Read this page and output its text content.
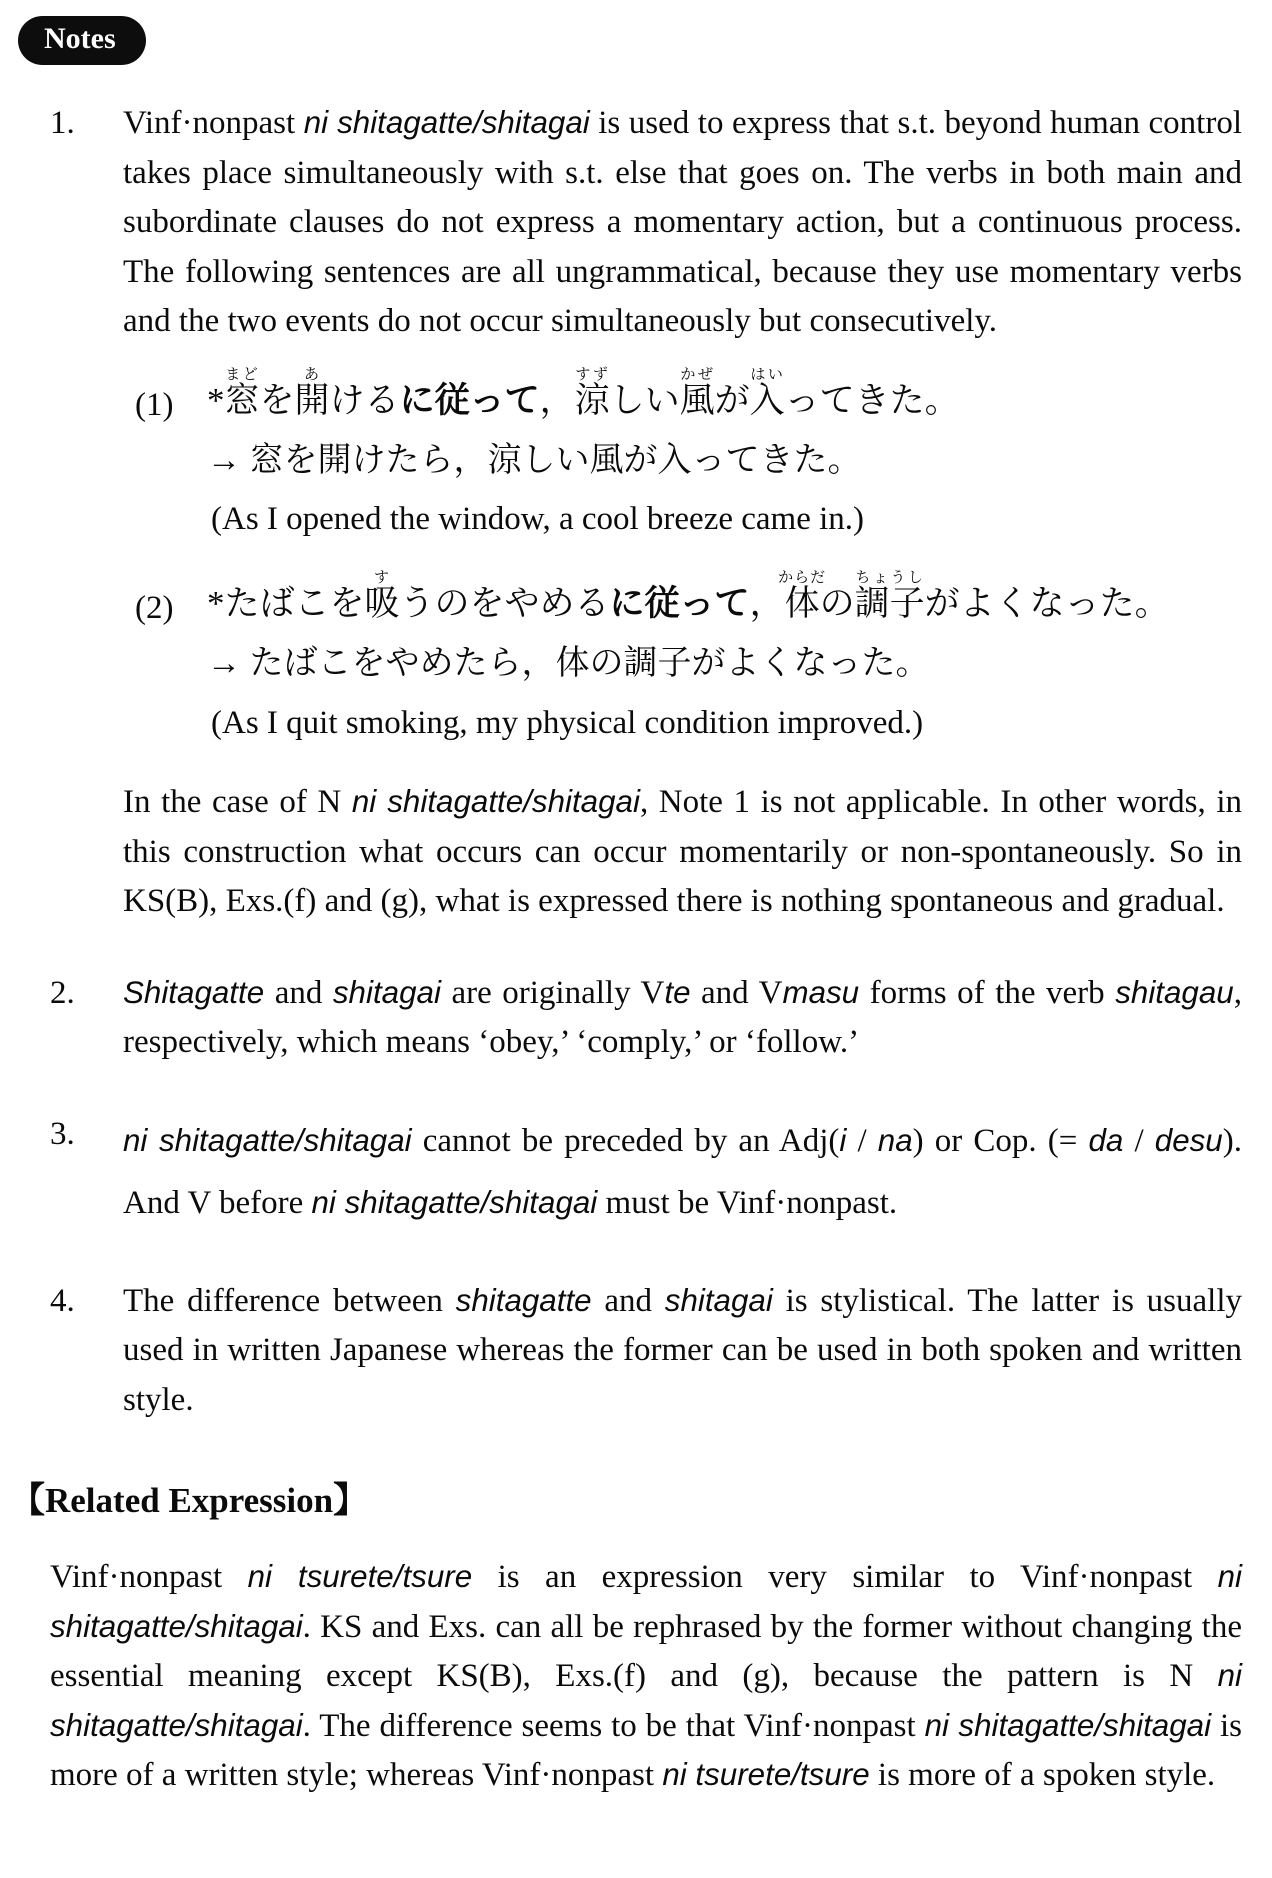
Notes
1.	Vinf·nonpast ni shitagatte/shitagai is used to express that s.t. beyond human control takes place simultaneously with s.t. else that goes on. The verbs in both main and subordinate clauses do not express a momentary action, but a continuous process. The following sentences are all ungrammatical, because they use momentary verbs and the two events do not occur simultaneously but consecutively.

(1) *窓まどを開あけるに従って，涼すずしい風かぜが入はいってきた。

→ 窓を開けたら，涼しい風が入ってきた。

(As I opened the window, a cool breeze came in.)

(2) *たばこを吸すうのをやめるに従って，体からだの調子ちょうしがよくなった。

→ たばこをやめたら，体の調子がよくなった。

(As I quit smoking, my physical condition improved.)

In the case of N ni shitagatte/shitagai, Note 1 is not applicable. In other words, in this construction what occurs can occur momentarily or non-spontaneously. So in KS(B), Exs.(f) and (g), what is expressed there is nothing spontaneous and gradual.

2.	Shitagatte and shitagai are originally Vte and Vmasu forms of the verb shitagau, respectively, which means ‘obey,’ ‘comply,’ or ‘follow.’

3.	ni shitagatte/shitagai cannot be preceded by an Adj(i / na) or Cop. (= da / desu). And V before ni shitagatte/shitagai must be Vinf·nonpast.

4.	The difference between shitagatte and shitagai is stylistical. The latter is usually used in written Japanese whereas the former can be used in both spoken and written style.

【Related Expression】

Vinf·nonpast ni tsurete/tsure is an expression very similar to Vinf·nonpast ni shitagatte/shitagai. KS and Exs. can all be rephrased by the former without changing the essential meaning except KS(B), Exs.(f) and (g), because the pattern is N ni shitagatte/shitagai. The difference seems to be that Vinf·nonpast ni shitagatte/shitagai is more of a written style; whereas Vinf·nonpast ni tsurete/tsure is more of a spoken style.
